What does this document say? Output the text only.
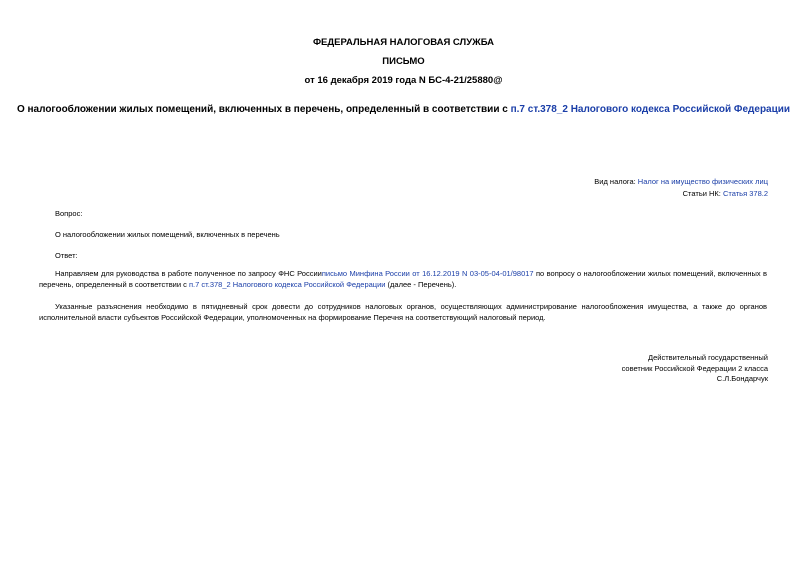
ФЕДЕРАЛЬНАЯ НАЛОГОВАЯ СЛУЖБА
ПИСЬМО
от 16 декабря 2019 года N БС-4-21/25880@
О налогообложении жилых помещений, включенных в перечень, определенный в соответствии с п.7 ст.378_2 Налогового кодекса Российской Федерации
Вид налога: Налог на имущество физических лиц
Статьи НК: Статья 378.2
Вопрос:
О налогообложении жилых помещений, включенных в перечень
Ответ:
Направляем для руководства в работе полученное по запросу ФНС Россииписьмо Минфина России от 16.12.2019 N 03-05-04-01/98017 по вопросу о налогообложении жилых помещений, включенных в перечень, определенный в соответствии с п.7 ст.378_2 Налогового кодекса Российской Федерации (далее - Перечень).
Указанные разъяснения необходимо в пятидневный срок довести до сотрудников налоговых органов, осуществляющих администрирование налогообложения имущества, а также до органов исполнительной власти субъектов Российской Федерации, уполномоченных на формирование Перечня на соответствующий налоговый период.
Действительный государственный
советник Российской Федерации 2 класса
С.Л.Бондарчук
